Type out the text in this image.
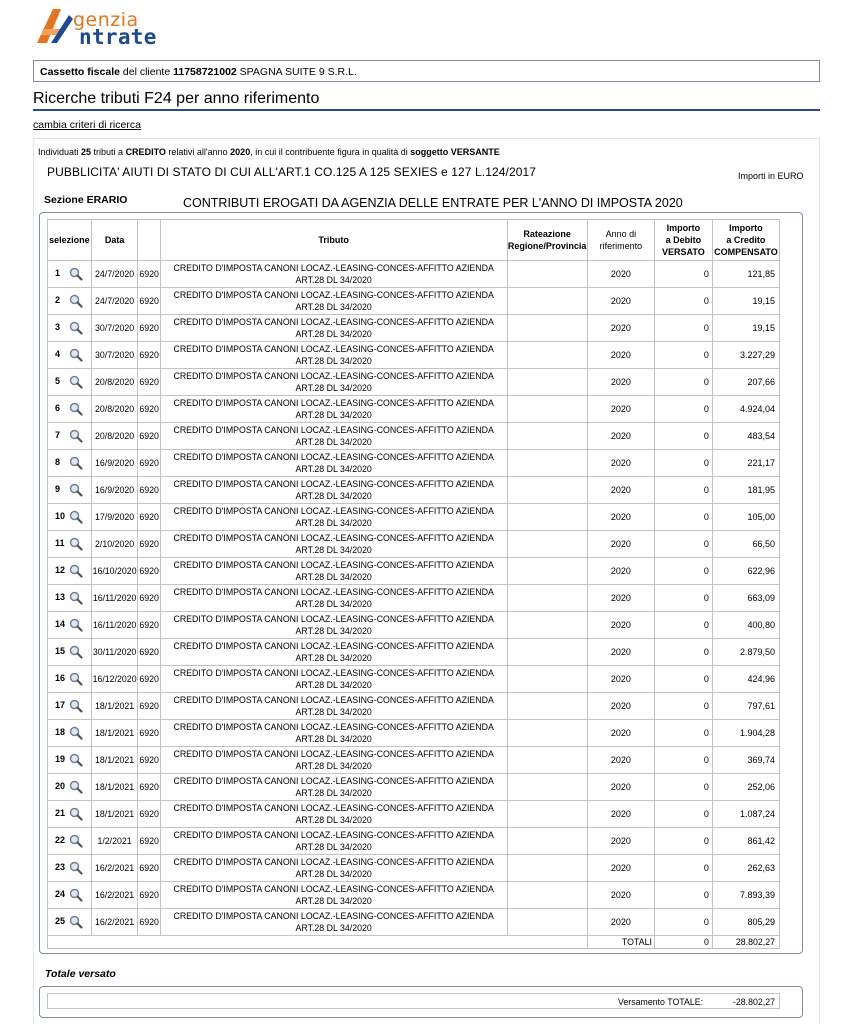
genzia
ntrate
Cassetto fiscale del cliente 11758721002 SPAGNA SUITE 9 S.R.L.
Ricerche tributi F24 per anno riferimento
cambia criteri di ricerca
Individuati 25 tributi a CREDITO relativi all'anno 2020, in cui il contribuente figura in qualità di soggetto VERSANTE
PUBBLICITA' AIUTI DI STATO DI CUI ALL'ART.1 CO.125 A 125 SEXIES e 127 L.124/2017	Importi in EURO
Sezione ERARIO	CONTRIBUTI EROGATI DA AGENZIA DELLE ENTRATE PER L'ANNO DI IMPOSTA 2020
selezione	Data		Tributo	Rateazione
Regione/Provincia	Anno di
riferimento	Importo
a Debito
VERSATO	Importo
a Credito
COMPENSATO
1	24/7/2020	6920	CREDITO D'IMPOSTA CANONI LOCAZ.-LEASING-CONCES-AFFITTO AZIENDA
ART.28 DL 34/2020		2020	0	121,85
2	24/7/2020	6920	CREDITO D'IMPOSTA CANONI LOCAZ.-LEASING-CONCES-AFFITTO AZIENDA
ART.28 DL 34/2020		2020	0	19,15
3	30/7/2020	6920	CREDITO D'IMPOSTA CANONI LOCAZ.-LEASING-CONCES-AFFITTO AZIENDA
ART.28 DL 34/2020		2020	0	19,15
4	30/7/2020	6920	CREDITO D'IMPOSTA CANONI LOCAZ.-LEASING-CONCES-AFFITTO AZIENDA
ART.28 DL 34/2020		2020	0	3.227,29
5	20/8/2020	6920	CREDITO D'IMPOSTA CANONI LOCAZ.-LEASING-CONCES-AFFITTO AZIENDA
ART.28 DL 34/2020		2020	0	207,66
6	20/8/2020	6920	CREDITO D'IMPOSTA CANONI LOCAZ.-LEASING-CONCES-AFFITTO AZIENDA
ART.28 DL 34/2020		2020	0	4.924,04
7	20/8/2020	6920	CREDITO D'IMPOSTA CANONI LOCAZ.-LEASING-CONCES-AFFITTO AZIENDA
ART.28 DL 34/2020		2020	0	483,54
8	16/9/2020	6920	CREDITO D'IMPOSTA CANONI LOCAZ.-LEASING-CONCES-AFFITTO AZIENDA
ART.28 DL 34/2020		2020	0	221,17
9	16/9/2020	6920	CREDITO D'IMPOSTA CANONI LOCAZ.-LEASING-CONCES-AFFITTO AZIENDA
ART.28 DL 34/2020		2020	0	181,95
10	17/9/2020	6920	CREDITO D'IMPOSTA CANONI LOCAZ.-LEASING-CONCES-AFFITTO AZIENDA
ART.28 DL 34/2020		2020	0	105,00
11	2/10/2020	6920	CREDITO D'IMPOSTA CANONI LOCAZ.-LEASING-CONCES-AFFITTO AZIENDA
ART.28 DL 34/2020		2020	0	66,50
12	16/10/2020	6920	CREDITO D'IMPOSTA CANONI LOCAZ.-LEASING-CONCES-AFFITTO AZIENDA
ART.28 DL 34/2020		2020	0	622,96
13	16/11/2020	6920	CREDITO D'IMPOSTA CANONI LOCAZ.-LEASING-CONCES-AFFITTO AZIENDA
ART.28 DL 34/2020		2020	0	663,09
14	16/11/2020	6920	CREDITO D'IMPOSTA CANONI LOCAZ.-LEASING-CONCES-AFFITTO AZIENDA
ART.28 DL 34/2020		2020	0	400,80
15	30/11/2020	6920	CREDITO D'IMPOSTA CANONI LOCAZ.-LEASING-CONCES-AFFITTO AZIENDA
ART.28 DL 34/2020		2020	0	2.879,50
16	16/12/2020	6920	CREDITO D'IMPOSTA CANONI LOCAZ.-LEASING-CONCES-AFFITTO AZIENDA
ART.28 DL 34/2020		2020	0	424,96
17	18/1/2021	6920	CREDITO D'IMPOSTA CANONI LOCAZ.-LEASING-CONCES-AFFITTO AZIENDA
ART.28 DL 34/2020		2020	0	797,61
18	18/1/2021	6920	CREDITO D'IMPOSTA CANONI LOCAZ.-LEASING-CONCES-AFFITTO AZIENDA
ART.28 DL 34/2020		2020	0	1.904,28
19	18/1/2021	6920	CREDITO D'IMPOSTA CANONI LOCAZ.-LEASING-CONCES-AFFITTO AZIENDA
ART.28 DL 34/2020		2020	0	369,74
20	18/1/2021	6920	CREDITO D'IMPOSTA CANONI LOCAZ.-LEASING-CONCES-AFFITTO AZIENDA
ART.28 DL 34/2020		2020	0	252,06
21	18/1/2021	6920	CREDITO D'IMPOSTA CANONI LOCAZ.-LEASING-CONCES-AFFITTO AZIENDA
ART.28 DL 34/2020		2020	0	1.087,24
22	1/2/2021	6920	CREDITO D'IMPOSTA CANONI LOCAZ.-LEASING-CONCES-AFFITTO AZIENDA
ART.28 DL 34/2020		2020	0	861,42
23	16/2/2021	6920	CREDITO D'IMPOSTA CANONI LOCAZ.-LEASING-CONCES-AFFITTO AZIENDA
ART.28 DL 34/2020		2020	0	262,63
24	16/2/2021	6920	CREDITO D'IMPOSTA CANONI LOCAZ.-LEASING-CONCES-AFFITTO AZIENDA
ART.28 DL 34/2020		2020	0	7.893,39
25	16/2/2021	6920	CREDITO D'IMPOSTA CANONI LOCAZ.-LEASING-CONCES-AFFITTO AZIENDA
ART.28 DL 34/2020		2020	0	805,29
					TOTALI	0	28.802,27
Totale versato
Versamento TOTALE:	-28.802,27
